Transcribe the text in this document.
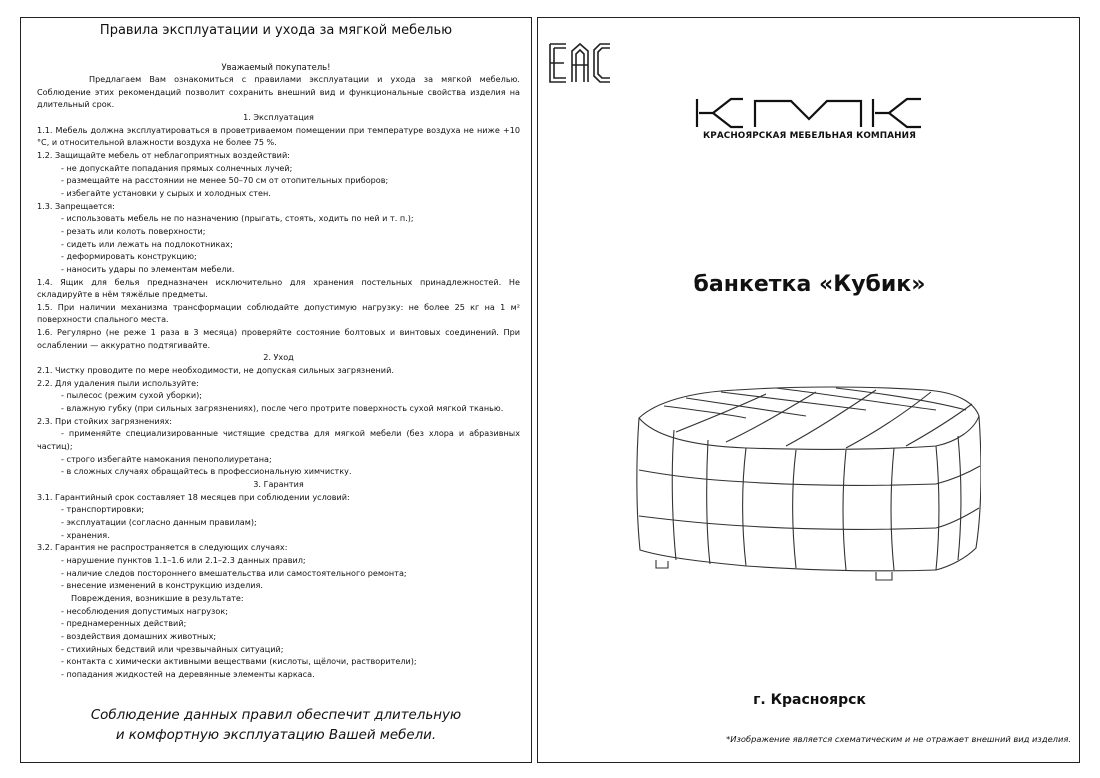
Правила эксплуатации и ухода за мягкой мебелью
Уважаемый покупатель!

Предлагаем Вам ознакомиться с правилами эксплуатации и ухода за мягкой мебелью. Соблюдение этих рекомендаций позволит сохранить внешний вид и функциональные свойства изделия на длительный срок.

1. Эксплуатация

1.1. Мебель должна эксплуатироваться в проветриваемом помещении при температуре воздуха не ниже +10 °С, и относительной влажности воздуха не более 75 %.

1.2. Защищайте мебель от неблагоприятных воздействий:

- не допускайте попадания прямых солнечных лучей;

- размещайте на расстоянии не менее 50–70 см от отопительных приборов;

- избегайте установки у сырых и холодных стен.

1.3. Запрещается:

- использовать мебель не по назначению (прыгать, стоять, ходить по ней и т. п.);

- резать или колоть поверхности;

- сидеть или лежать на подлокотниках;

- деформировать конструкцию;

- наносить удары по элементам мебели.

1.4. Ящик для белья предназначен исключительно для хранения постельных принадлежностей. Не складируйте в нём тяжёлые предметы.

1.5. При наличии механизма трансформации соблюдайте допустимую нагрузку: не более 25 кг на 1 м² поверхности спального места.

1.6. Регулярно (не реже 1 раза в 3 месяца) проверяйте состояние болтовых и винтовых соединений. При ослаблении — аккуратно подтягивайте.

2. Уход

2.1. Чистку проводите по мере необходимости, не допуская сильных загрязнений.

2.2. Для удаления пыли используйте:

- пылесос (режим сухой уборки);

- влажную губку (при сильных загрязнениях), после чего протрите поверхность сухой мягкой тканью.

2.3. При стойких загрязнениях:

- применяйте специализированные чистящие средства для мягкой мебели (без хлора и абразивных частиц);

- строго избегайте намокания пенополиуретана;

- в сложных случаях обращайтесь в профессиональную химчистку.

3. Гарантия

3.1. Гарантийный срок составляет 18 месяцев при соблюдении условий:

- транспортировки;

- эксплуатации (согласно данным правилам);

- хранения.

3.2. Гарантия не распространяется в следующих случаях:

- нарушение пунктов 1.1–1.6 или 2.1–2.3 данных правил;

- наличие следов постороннего вмешательства или самостоятельного ремонта;

- внесение изменений в конструкцию изделия.

Повреждения, возникшие в результате:

- несоблюдения допустимых нагрузок;

- преднамеренных действий;

- воздействия домашних животных;

- стихийных бедствий или чрезвычайных ситуаций;

- контакта с химически активными веществами (кислоты, щёлочи, растворители);

- попадания жидкостей на деревянные элементы каркаса.

Соблюдение данных правил обеспечит длительную
и комфортную эксплуатацию Вашей мебели.
КРАСНОЯРСКАЯ МЕБЕЛЬНАЯ КОМПАНИЯ
банкетка «Кубик»
г. Красноярск
*Изображение является схематическим и не отражает внешний вид изделия.
